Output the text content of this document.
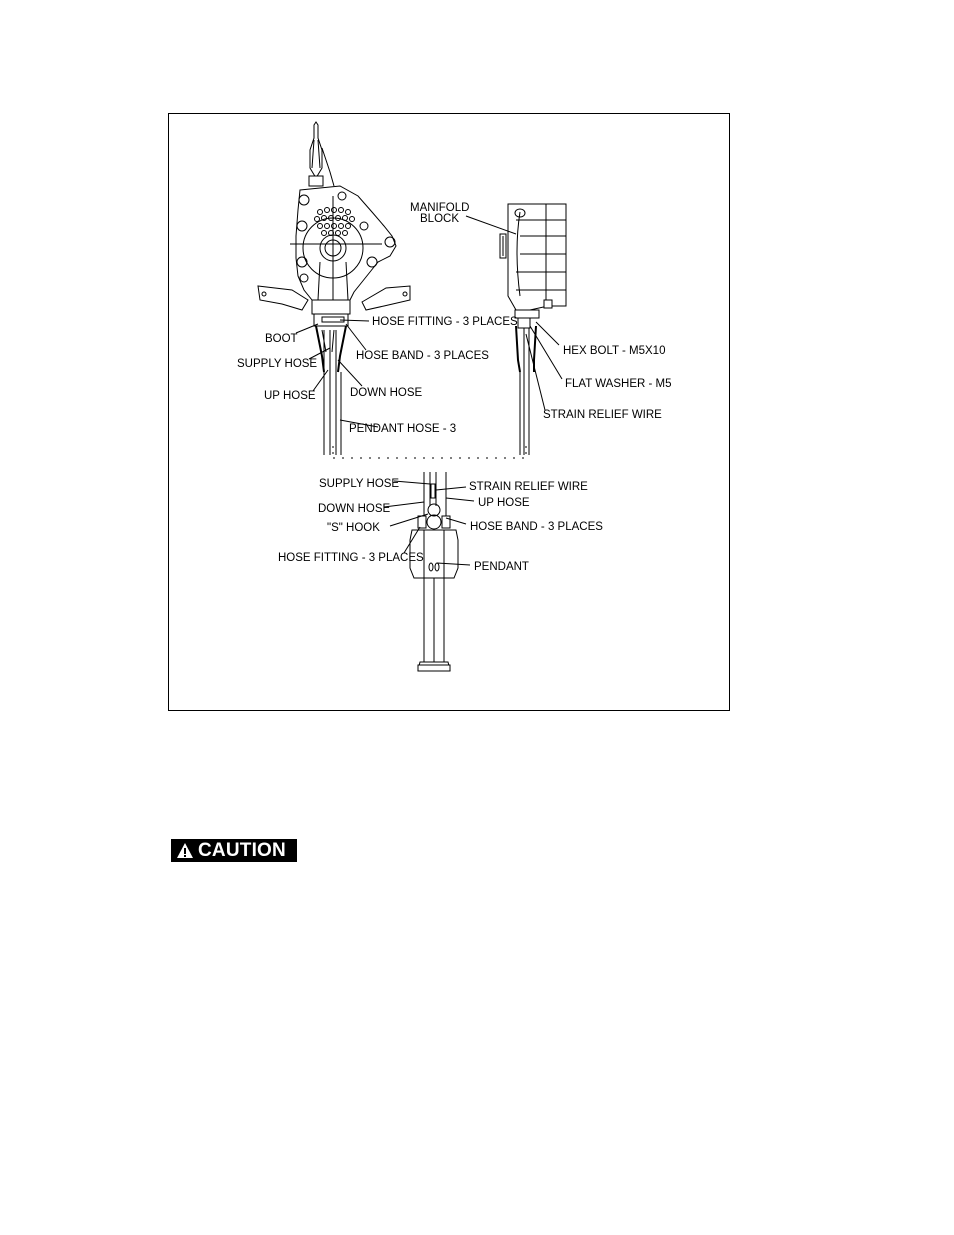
MANIFOLD
BLOCK
HOSE FITTING - 3 PLACES
BOOT
HOSE BAND - 3 PLACES
SUPPLY HOSE
DOWN HOSE
UP HOSE
PENDANT HOSE - 3
HEX BOLT - M5X10
FLAT WASHER - M5
STRAIN RELIEF WIRE
SUPPLY HOSE	STRAIN RELIEF WIRE
UP HOSE
DOWN HOSE
"S" HOOK	HOSE BAND - 3 PLACES
HOSE FITTING - 3 PLACES
PENDANT
CAUTION
